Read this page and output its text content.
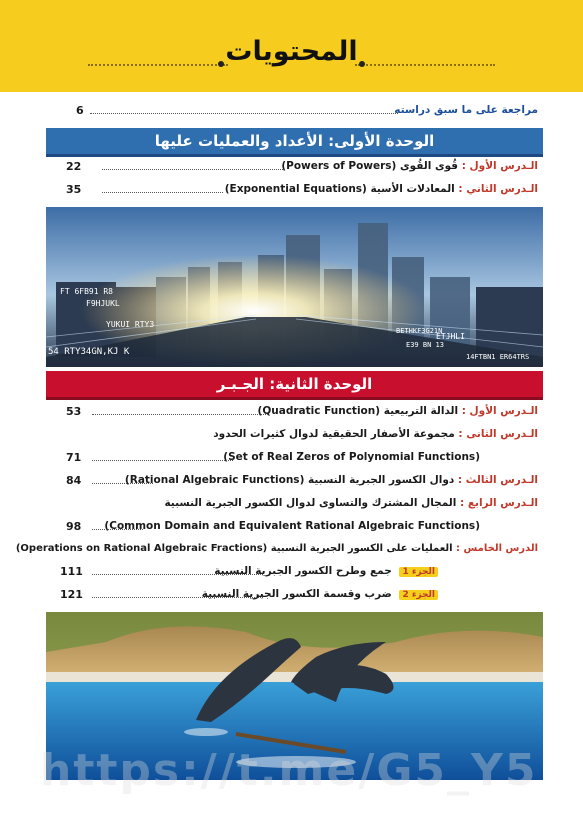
المحتويات
مراجعة على ما سبق دراسته
6
الوحدة الأولى: الأعداد والعمليات عليها
الـدرس الأول : قُوى القُوى (Powers of Powers)
22
الـدرس الثاني : المعادلات الأسية (Exponential Equations)
35
FT 6FB91 R8
F9HJUKL
YUKUI RTY3
54 RTY34GN,KJ K
ETJHLI
E39 BN 13
14FTBN1 ER64TRS
BETHKF3G21N
الوحدة الثانية: الجـبـر
الـدرس الأول : الدالة التربيعية (Quadratic Function)
53
الـدرس الثانى : مجموعة الأصفار الحقيقية لدوال كثيرات الحدود
(Set of Real Zeros of Polynomial Functions)
71
الـدرس الثالث : دوال الكسور الجبرية النسبية (Rational Algebraic Functions)
84
الـدرس الرابع : المجال المشترك والتساوى لدوال الكسور الجبرية النسبية
(Common Domain and Equivalent Rational Algebraic Functions)
98
الدرس الخامس : العمليات على الكسور الجبرية النسبية (Operations on Rational Algebraic Fractions)
الجزء 1 جمع وطرح الكسور الجبرية النسبية
111
الجزء 2 ضرب وقسمة الكسور الجبرية النسبية
121
https://t.me/G5_Y5
